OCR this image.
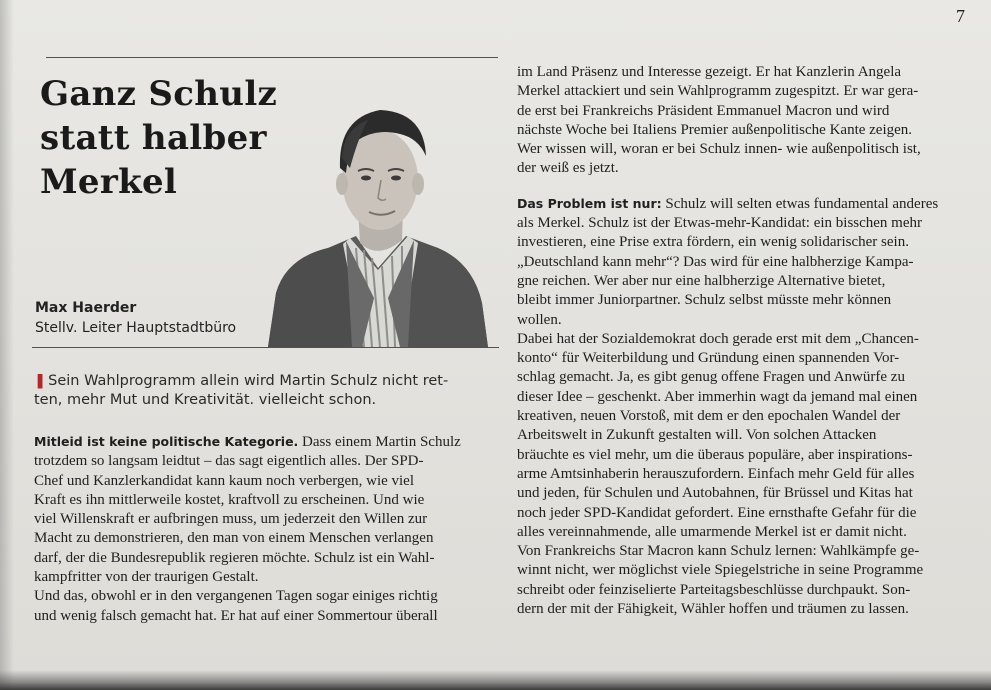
7
Ganz Schulz
statt halber
Merkel
Max Haerder
Stellv. Leiter Hauptstadtbüro
❚ Sein Wahlprogramm allein wird Martin Schulz nicht ret-
ten, mehr Mut und Kreativität. vielleicht schon.

Mitleid ist keine politische Kategorie. Dass einem Martin Schulz
trotzdem so langsam leidtut – das sagt eigentlich alles. Der SPD-
Chef und Kanzlerkandidat kann kaum noch verbergen, wie viel
Kraft es ihn mittlerweile kostet, kraftvoll zu erscheinen. Und wie
viel Willenskraft er aufbringen muss, um jederzeit den Willen zur
Macht zu demonstrieren, den man von einem Menschen verlangen
darf, der die Bundesrepublik regieren möchte. Schulz ist ein Wahl-
kampfritter von der traurigen Gestalt.

Und das, obwohl er in den vergangenen Tagen sogar einiges richtig
und wenig falsch gemacht hat. Er hat auf einer Sommertour überall

im Land Präsenz und Interesse gezeigt. Er hat Kanzlerin Angela
Merkel attackiert und sein Wahlprogramm zugespitzt. Er war gera-
de erst bei Frankreichs Präsident Emmanuel Macron und wird
nächste Woche bei Italiens Premier außenpolitische Kante zeigen.
Wer wissen will, woran er bei Schulz innen- wie außenpolitisch ist,
der weiß es jetzt.

Das Problem ist nur: Schulz will selten etwas fundamental anderes
als Merkel. Schulz ist der Etwas-mehr-Kandidat: ein bisschen mehr
investieren, eine Prise extra fördern, ein wenig solidarischer sein.
„Deutschland kann mehr“? Das wird für eine halbherzige Kampa-
gne reichen. Wer aber nur eine halbherzige Alternative bietet,
bleibt immer Juniorpartner. Schulz selbst müsste mehr können
wollen.

Dabei hat der Sozialdemokrat doch gerade erst mit dem „Chancen-
konto“ für Weiterbildung und Gründung einen spannenden Vor-
schlag gemacht. Ja, es gibt genug offene Fragen und Anwürfe zu
dieser Idee – geschenkt. Aber immerhin wagt da jemand mal einen
kreativen, neuen Vorstoß, mit dem er den epochalen Wandel der
Arbeitswelt in Zukunft gestalten will. Von solchen Attacken
bräuchte es viel mehr, um die überaus populäre, aber inspirations-
arme Amtsinhaberin herauszufordern. Einfach mehr Geld für alles
und jeden, für Schulen und Autobahnen, für Brüssel und Kitas hat
noch jeder SPD-Kandidat gefordert. Eine ernsthafte Gefahr für die
alles vereinnahmende, alle umarmende Merkel ist er damit nicht.

Von Frankreichs Star Macron kann Schulz lernen: Wahlkämpfe ge-
winnt nicht, wer möglichst viele Spiegelstriche in seine Programme
schreibt oder feinziselierte Parteitagsbeschlüsse durchpaukt. Son-
dern der mit der Fähigkeit, Wähler hoffen und träumen zu lassen.
